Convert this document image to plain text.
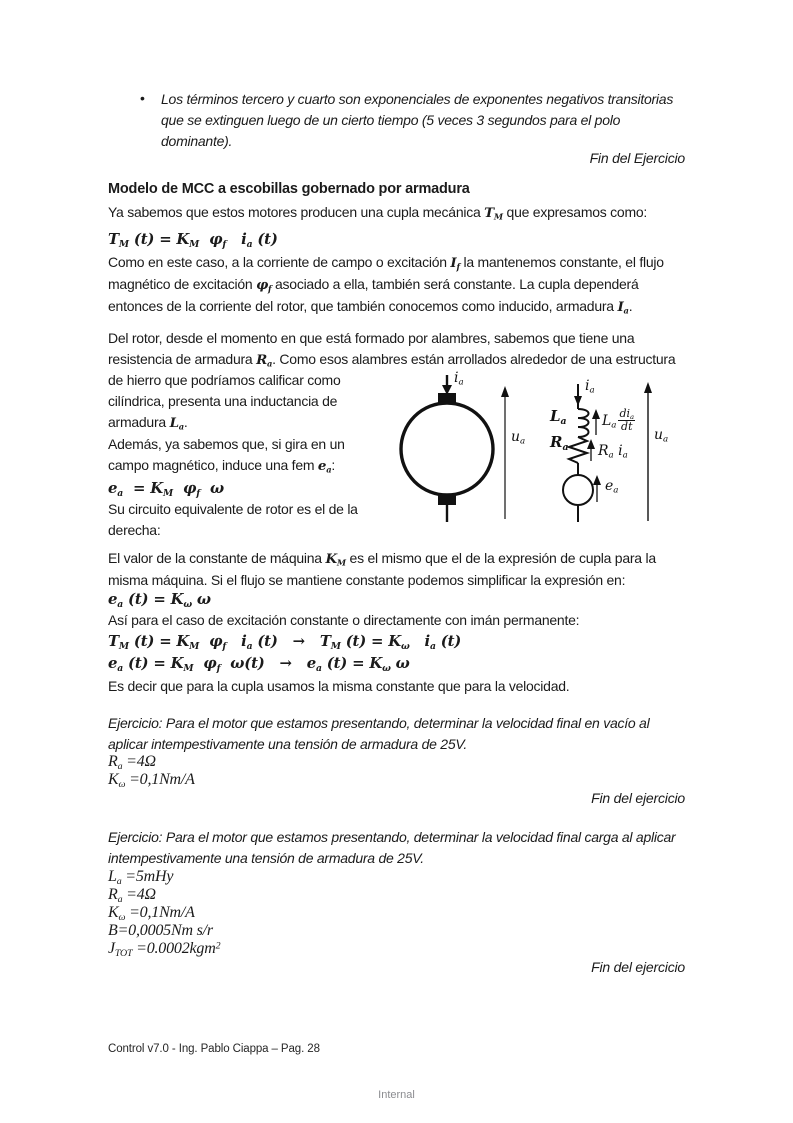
• Los términos tercero y cuarto son exponenciales de exponentes negativos transitorias
que se extinguen luego de un cierto tiempo (5 veces 3 segundos para el polo
dominante).
Fin del Ejercicio
Modelo de MCC a escobillas gobernado por armadura
Ya sabemos que estos motores producen una cupla mecánica $T_M$ que expresamos como:
$T_M$ $(t) = K_M$  $\varphi_f$   $i_a$ (t)
Como en este caso, a la corriente de campo o excitación $I_f$ la mantenemos constante, el flujo
magnético de excitación $\varphi_f$ asociado a ella, también será constante. La cupla dependerá
entonces de la corriente del rotor, que también conocemos como inducido, armadura $I_a$.
Del rotor, desde el momento en que está formado por alambres, sabemos que tiene una
resistencia de armadura $R_a$. Como esos alambres están arrollados alrededor de una estructura
de hierro que podríamos calificar como
cilíndrica, presenta una inductancia de
armadura $L_a$.
Además, ya sabemos que, si gira en un
campo magnético, induce una fem $e_a$:
$e_a = K_M$  $\varphi_f$  ω
Su circuito equivalente de rotor es el de la
derecha:
$i_a$
$u_a$
$i_a$
$L_a$	$L_a \frac{di_a}{dt}$
$R_a$ $R_a$ $i_a$
$e_a$
$u_a$
El valor de la constante de máquina $K_M$ es el mismo que el de la expresión de cupla para la
misma máquina. Si el flujo se mantiene constante podemos simplificar la expresión en:
$e_a$ $(t) = K_\omega$ ω
Así para el caso de excitación constante o directamente con imán permanente:
$T_M$ $(t) = K_M$  $\varphi_f$   $i_a$ $(t) \to T_M$ $(t) = K_\omega$   $i_a$ (t)
$e_a$ $(t) = K_M$  $\varphi_f$  $\omega(t) \to e_a$ $(t) = K_\omega$ ω
Es decir que para la cupla usamos la misma constante que para la velocidad.
Ejercicio: Para el motor que estamos presentando, determinar la velocidad final en vacío al
aplicar intempestivamente una tensión de armadura de 25V.
$R_a =4\Omega$
$K_\omega =0,1Nm/A$
Fin del ejercicio
Ejercicio: Para el motor que estamos presentando, determinar la velocidad final carga al aplicar
intempestivamente una tensión de armadura de 25V.
$L_a =5mHy$
$R_a =4\Omega$
$K_\omega =0,1Nm/A$
B=0,0005Nm s/r
$J_{TOT} =0.0002kgm^2$
Fin del ejercicio
Control v7.0 - Ing. Pablo Ciappa – Pag. 28
Internal
